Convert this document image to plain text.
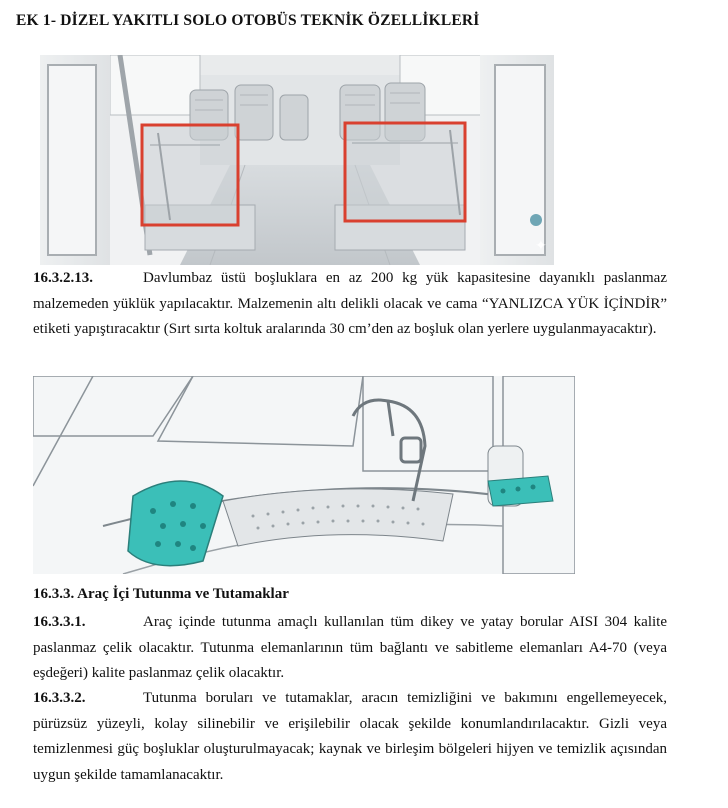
EK 1- DİZEL YAKITLI SOLO OTOBÜS TEKNİK ÖZELLİKLERİ
✦
16.3.2.13.	Davlumbaz üstü boşluklara en az 200 kg yük kapasitesine dayanıklı paslanmaz malzemeden yüklük yapılacaktır. Malzemenin altı delikli olacak ve cama “YANLIZCA YÜK İÇİNDİR” etiketi yapıştıracaktır (Sırt sırta koltuk aralarında 30 cm’den az boşluk olan yerlere uygulanmayacaktır).
16.3.3. Araç İçi Tutunma ve Tutamaklar
16.3.3.1.	Araç içinde tutunma amaçlı kullanılan tüm dikey ve yatay borular AISI 304 kalite paslanmaz çelik olacaktır. Tutunma elemanlarının tüm bağlantı ve sabitleme elemanları A4-70 (veya eşdeğeri) kalite paslanmaz çelik olacaktır.
16.3.3.2.	Tutunma boruları ve tutamaklar, aracın temizliğini ve bakımını engellemeyecek, pürüzsüz yüzeyli, kolay silinebilir ve erişilebilir olacak şekilde konumlandırılacaktır. Gizli veya temizlenmesi güç boşluklar oluşturulmayacak; kaynak ve birleşim bölgeleri hijyen ve temizlik açısından uygun şekilde tamamlanacaktır.
